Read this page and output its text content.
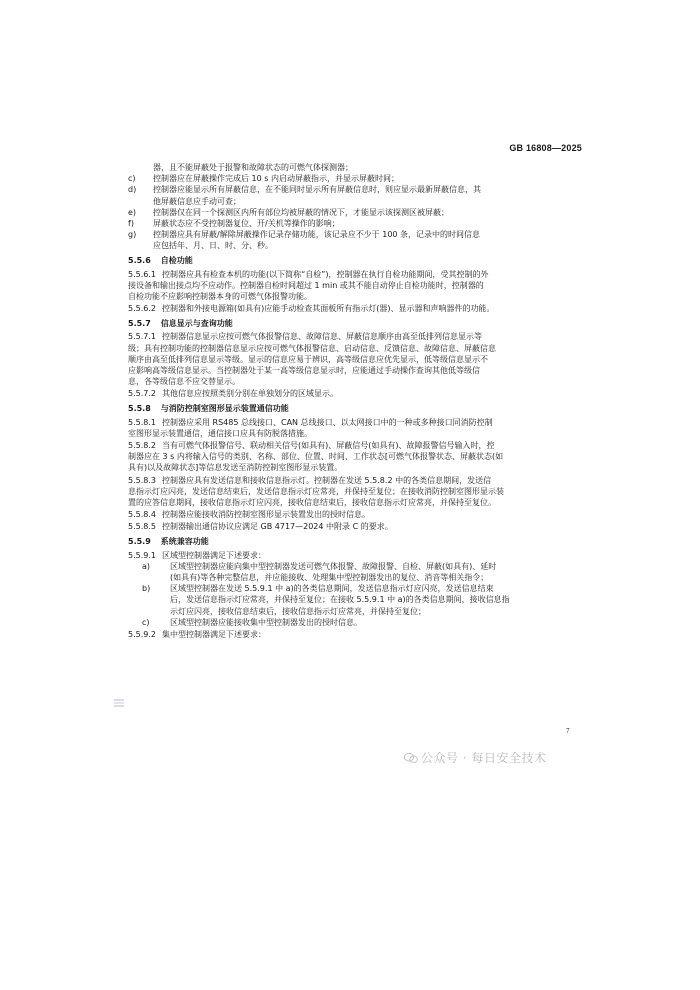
GB 16808—2025
器，且不能屏蔽处于报警和故障状态的可燃气体探测器；
c) 控制器应在屏蔽操作完成后 10 s 内启动屏蔽指示，并显示屏蔽时间；
d) 控制器应能显示所有屏蔽信息，在不能同时显示所有屏蔽信息时，则应显示最新屏蔽信息，其
他屏蔽信息应手动可查；
e) 控制器仅在同一个探测区内所有部位均被屏蔽的情况下，才能显示该探测区被屏蔽；
f) 屏蔽状态应不受控制器复位、开/关机等操作的影响；
g) 控制器应具有屏蔽/解除屏蔽操作记录存储功能，该记录应不少于 100 条，记录中的时间信息
应包括年、月、日、时、分、秒。
5.5.6 自检功能
5.5.6.1 控制器应具有检查本机的功能(以下简称“自检”)，控制器在执行自检功能期间，受其控制的外
接设备和输出接点均不应动作。控制器自检时间超过 1 min 或其不能自动停止自检功能时，控制器的
自检功能不应影响控制器本身的可燃气体报警功能。
5.5.6.2 控制器和外接电源箱(如具有)应能手动检查其面板所有指示灯(器)、显示器和声响器件的功能。
5.5.7 信息显示与查询功能
5.5.7.1 控制器信息显示应按可燃气体报警信息、故障信息、屏蔽信息顺序由高至低排列信息显示等
级；具有控制功能的控制器信息显示应按可燃气体报警信息、启动信息、反馈信息、故障信息、屏蔽信息
顺序由高至低排列信息显示等级。显示的信息应易于辨识，高等级信息应优先显示，低等级信息显示不
应影响高等级信息显示。当控制器处于某一高等级信息显示时，应能通过手动操作查询其他低等级信
息，各等级信息不应交替显示。
5.5.7.2 其他信息应按照类别分别在单独划分的区域显示。
5.5.8 与消防控制室图形显示装置通信功能
5.5.8.1 控制器应采用 RS485 总线接口、CAN 总线接口、以太网接口中的一种或多种接口同消防控制
室图形显示装置通信，通信接口应具有防脱落措施。
5.5.8.2 当有可燃气体报警信号、联动相关信号(如具有)、屏蔽信号(如具有)、故障报警信号输入时，控
制器应在 3 s 内将输入信号的类别、名称、部位、位置、时间、工作状态[可燃气体报警状态、屏蔽状态(如
具有)以及故障状态]等信息发送至消防控制室图形显示装置。
5.5.8.3 控制器应具有发送信息和接收信息指示灯。控制器在发送 5.5.8.2 中的各类信息期间，发送信
息指示灯应闪亮，发送信息结束后，发送信息指示灯应常亮，并保持至复位；在接收消防控制室图形显示装
置的应答信息期间，接收信息指示灯应闪亮，接收信息结束后，接收信息指示灯应常亮，并保持至复位。
5.5.8.4 控制器应能接收消防控制室图形显示装置发出的授时信息。
5.5.8.5 控制器输出通信协议应满足 GB 4717—2024 中附录 C 的要求。
5.5.9 系统兼容功能
5.5.9.1 区域型控制器满足下述要求：
a) 区域型控制器应能向集中型控制器发送可燃气体报警、故障报警、自检、屏蔽(如具有)、延时
(如具有)等各种完整信息，并应能接收、处理集中型控制器发出的复位、消音等相关指令；
b) 区域型控制器在发送 5.5.9.1 中 a)的各类信息期间，发送信息指示灯应闪亮，发送信息结束
后，发送信息指示灯应常亮，并保持至复位；在接收 5.5.9.1 中 a)的各类信息期间，接收信息指
示灯应闪亮，接收信息结束后，接收信息指示灯应常亮，并保持至复位；
c)	区域型控制器应能接收集中型控制器发出的授时信息。
5.5.9.2 集中型控制器满足下述要求：
7
公众号 · 每日安全技术
